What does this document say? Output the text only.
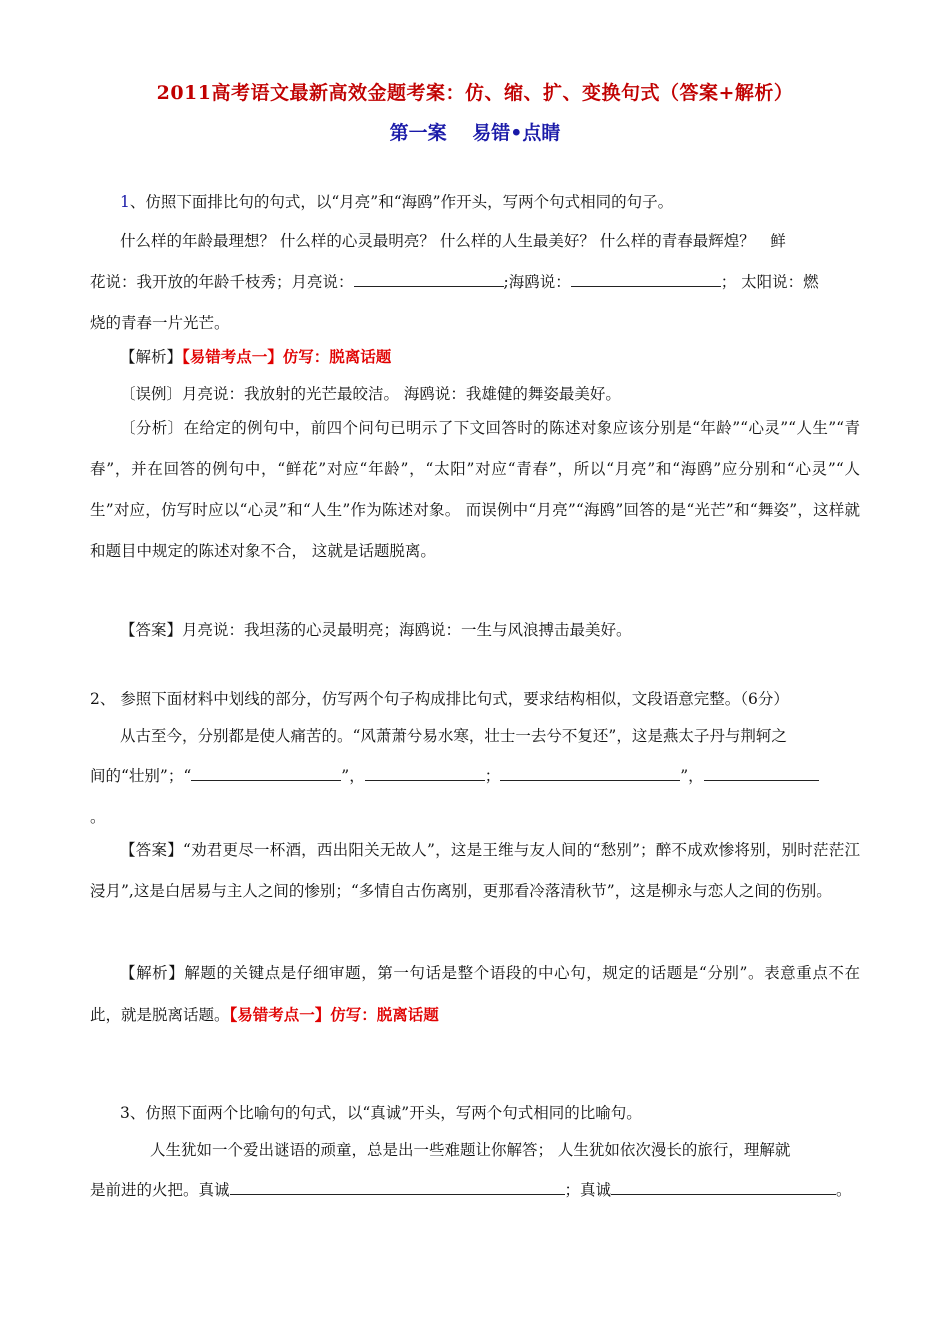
2011高考语文最新高效金题考案：仿、缩、扩、变换句式（答案+解析）
第一案　 易错•点睛
1、仿照下面排比句的句式，以“月亮”和“海鸥”作开头，写两个句式相同的句子。
什么样的年龄最理想？ 什么样的心灵最明亮？ 什么样的人生最美好？ 什么样的青春最辉煌？　鲜
花说：我开放的年龄千枝秀；月亮说：	;海鸥说：	； 太阳说：燃
烧的青春一片光芒。
【解析】【易错考点一】仿写：脱离话题
〔误例〕月亮说：我放射的光芒最皎洁。 海鸥说：我雄健的舞姿最美好。
〔分析〕在给定的例句中，前四个问句已明示了下文回答时的陈述对象应该分别是“年龄”“心灵”“人生”“青春”，并在回答的例句中，“鲜花”对应“年龄”，“太阳”对应“青春”，所以“月亮”和“海鸥”应分别和“心灵”“人生”对应，仿写时应以“心灵”和“人生”作为陈述对象。 而误例中“月亮”“海鸥”回答的是“光芒”和“舞姿”，这样就和题目中规定的陈述对象不合， 这就是话题脱离。
【答案】月亮说：我坦荡的心灵最明亮；海鸥说：一生与风浪搏击最美好。
2、 参照下面材料中划线的部分，仿写两个句子构成排比句式，要求结构相似，文段语意完整。（6分）
从古至今，分别都是使人痛苦的。“风萧萧兮易水寒，壮士一去兮不复还”，这是燕太子丹与荆轲之
间的“壮别”；“	”，	；	”，
。
【答案】“劝君更尽一杯酒，西出阳关无故人”，这是王维与友人间的“愁别”；醉不成欢惨将别，别时茫茫江浸月”,这是白居易与主人之间的惨别；“多情自古伤离别，更那看冷落清秋节”，这是柳永与恋人之间的伤别。
【解析】解题的关键点是仔细审题，第一句话是整个语段的中心句，规定的话题是“分别”。表意重点不在此，就是脱离话题。【易错考点一】仿写：脱离话题
3、仿照下面两个比喻句的句式，以“真诚”开头，写两个句式相同的比喻句。
人生犹如一个爱出谜语的顽童，总是出一些难题让你解答； 人生犹如依次漫长的旅行，理解就
是前进的火把。真诚	；真诚	。
